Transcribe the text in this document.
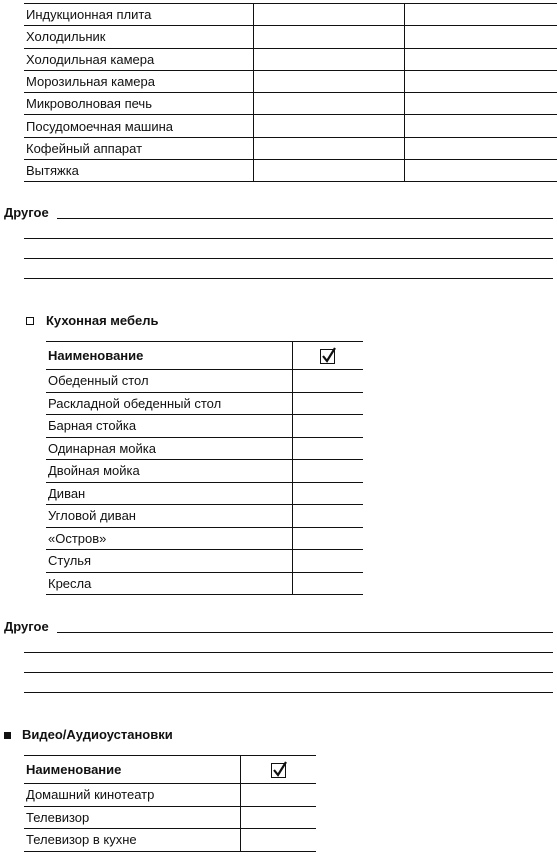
Индукционная плита		
Холодильник		
Холодильная камера		
Морозильная камера		
Микроволновая печь		
Посудомоечная машина		
Кофейный аппарат		
Вытяжка		
Другое
Кухонная мебель
Наименование	

Обеденный стол	
Раскладной обеденный стол	
Барная стойка	
Одинарная мойка	
Двойная мойка	
Диван	
Угловой диван	
«Остров»	
Стулья	
Кресла	
Другое
Видео/Аудиоустановки
Наименование	

Домашний кинотеатр	
Телевизор	
Телевизор в кухне	
